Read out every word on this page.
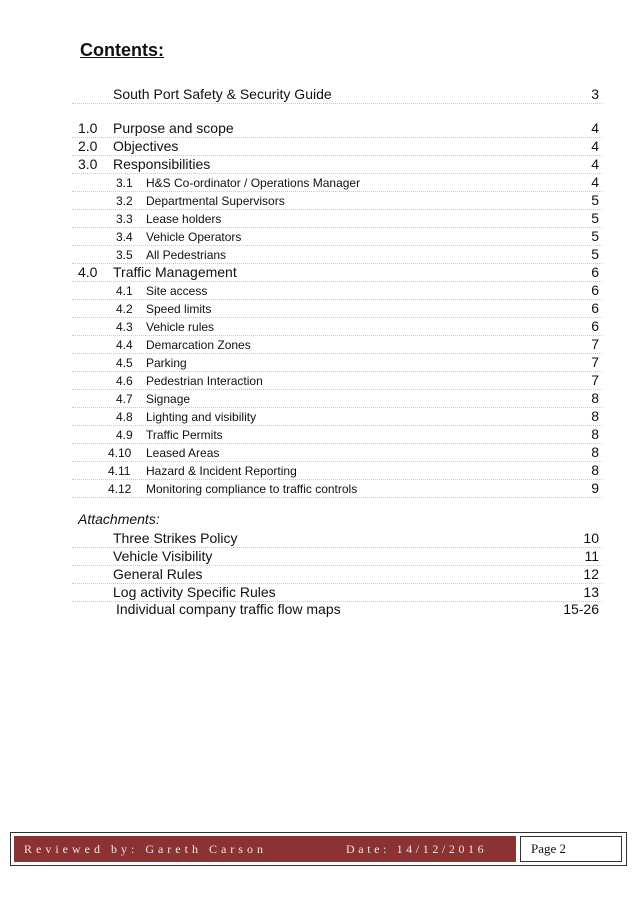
Contents:
South Port Safety & Security Guide	3
1.0 Purpose and scope	4
2.0 Objectives	4
3.0 Responsibilities	4
3.1 H&S Co-ordinator / Operations Manager	4
3.2 Departmental Supervisors	5
3.3 Lease holders	5
3.4 Vehicle Operators	5
3.5 All Pedestrians	5
4.0 Traffic Management	6
4.1 Site access	6
4.2 Speed limits	6
4.3 Vehicle rules	6
4.4 Demarcation Zones	7
4.5 Parking	7
4.6 Pedestrian Interaction	7
4.7 Signage	8
4.8 Lighting and visibility	8
4.9 Traffic Permits	8
4.10 Leased Areas	8
4.11 Hazard & Incident Reporting	8
4.12 Monitoring compliance to traffic controls	9
Attachments:
Three Strikes Policy	10
Vehicle Visibility	11
General Rules	12
Log activity Specific Rules	13
Individual company traffic flow maps	15-26
Reviewed by: Gareth Carson	Date: 14/12/2016	Page 2
